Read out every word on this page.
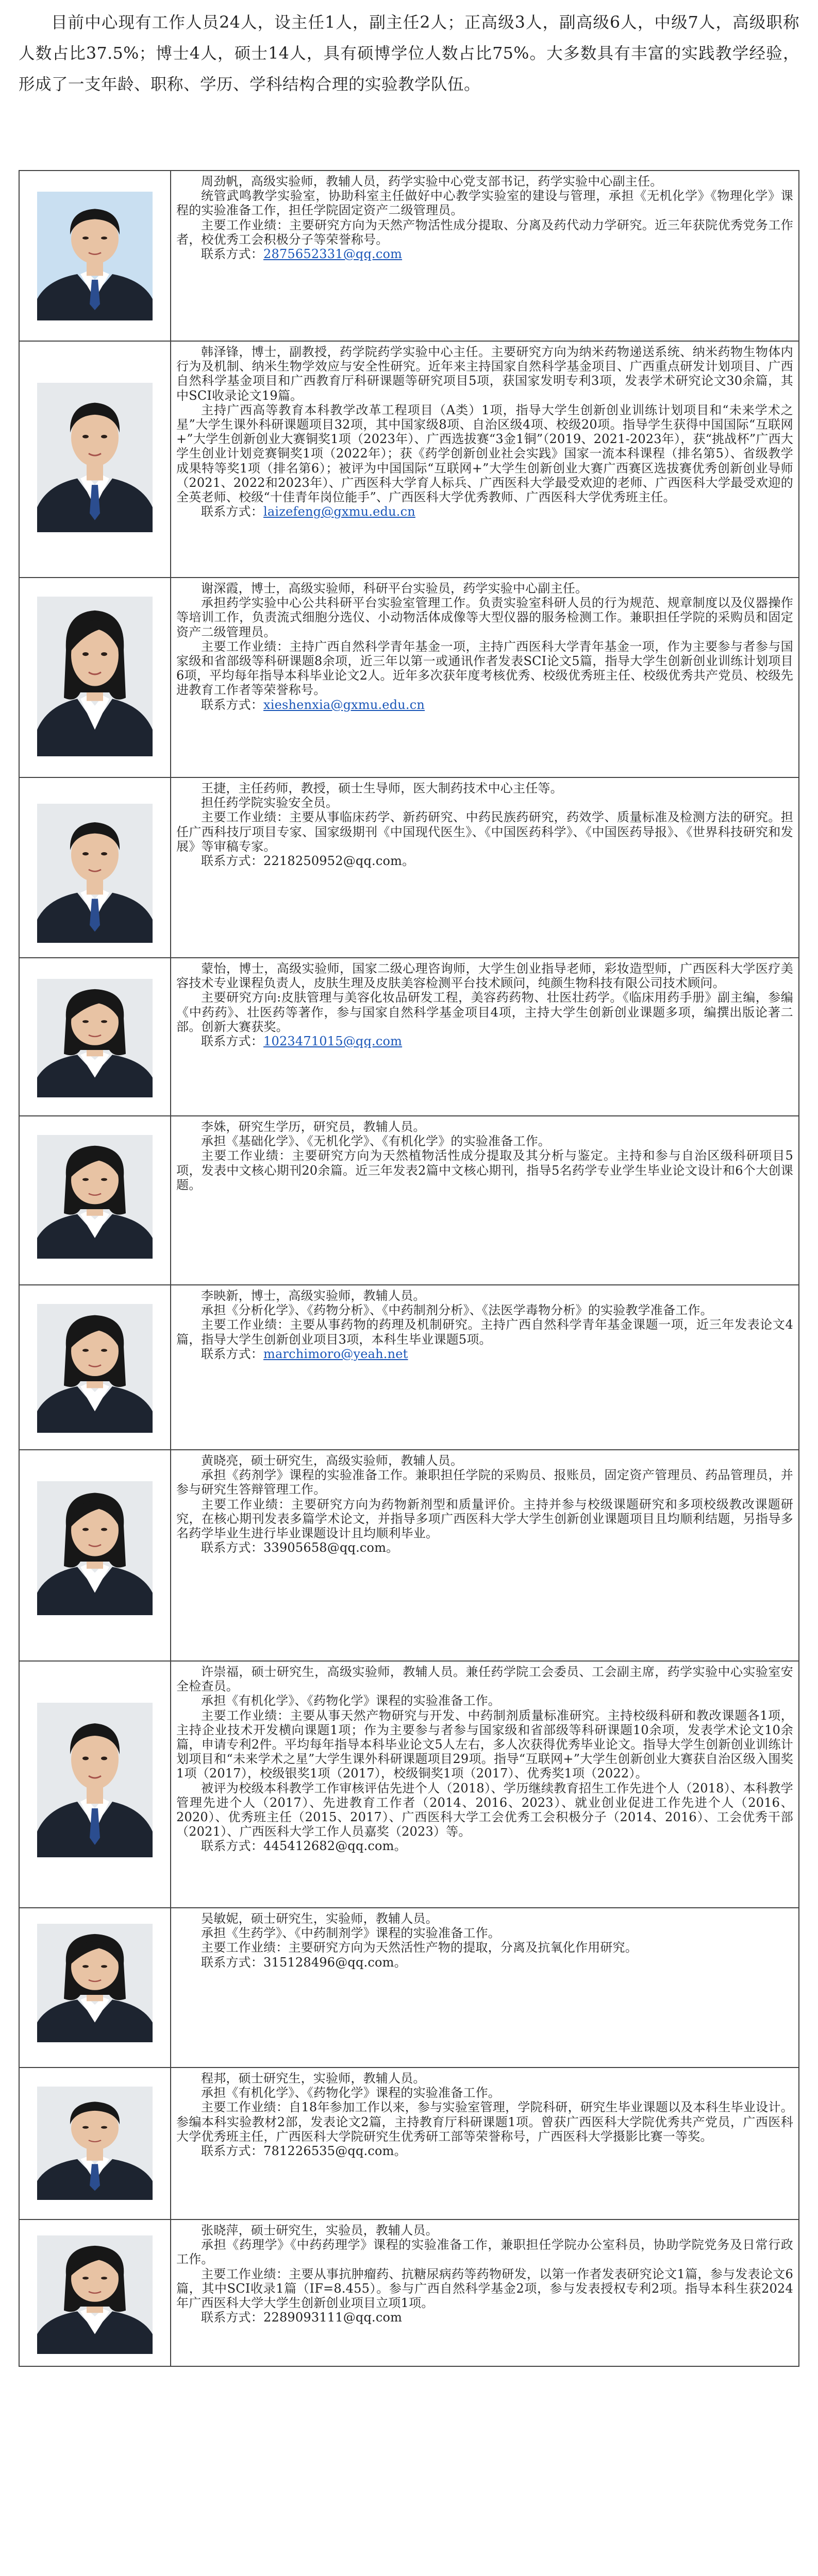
目前中心现有工作人员24人，设主任1人，副主任2人；正高级3人，副高级6人，中级7人，高级职称人数占比37.5%；博士4人，硕士14人，具有硕博学位人数占比75%。大多数具有丰富的实践教学经验，形成了一支年龄、职称、学历、学科结构合理的实验教学队伍。

周劲帆，高级实验师，教辅人员，药学实验中心党支部书记，药学实验中心副主任。

统管武鸣教学实验室，协助科室主任做好中心教学实验室的建设与管理，承担《无机化学》《物理化学》课程的实验准备工作，担任学院固定资产二级管理员。

主要工作业绩：主要研究方向为天然产物活性成分提取、分离及药代动力学研究。近三年获院优秀党务工作者，校优秀工会积极分子等荣誉称号。

联系方式：2875652331@qq.com

韩泽锋，博士，副教授，药学院药学实验中心主任。主要研究方向为纳米药物递送系统、纳米药物生物体内行为及机制、纳米生物学效应与安全性研究。近年来主持国家自然科学基金项目、广西重点研发计划项目、广西自然科学基金项目和广西教育厅科研课题等研究项目5项，获国家发明专利3项，发表学术研究论文30余篇，其中SCI收录论文19篇。

主持广西高等教育本科教学改革工程项目（A类）1项，指导大学生创新创业训练计划项目和“未来学术之星”大学生课外科研课题项目32项，其中国家级8项、自治区级4项、校级20项。指导学生获得中国国际“互联网+”大学生创新创业大赛铜奖1项（2023年）、广西选拔赛“3金1铜”（2019、2021-2023年），获“挑战杯”广西大学生创业计划竞赛铜奖1项（2022年）；获《药学创新创业社会实践》国家一流本科课程（排名第5）、省级教学成果特等奖1项（排名第6）；被评为中国国际“互联网+”大学生创新创业大赛广西赛区选拔赛优秀创新创业导师（2021、2022和2023年）、广西医科大学育人标兵、广西医科大学最受欢迎的老师、广西医科大学最受欢迎的全英老师、校级“十佳青年岗位能手”、广西医科大学优秀教师、广西医科大学优秀班主任。

联系方式：laizefeng@gxmu.edu.cn

谢深霞，博士，高级实验师，科研平台实验员，药学实验中心副主任。

承担药学实验中心公共科研平台实验室管理工作。负责实验室科研人员的行为规范、规章制度以及仪器操作等培训工作，负责流式细胞分选仪、小动物活体成像等大型仪器的服务检测工作。兼职担任学院的采购员和固定资产二级管理员。

主要工作业绩：主持广西自然科学青年基金一项，主持广西医科大学青年基金一项，作为主要参与者参与国家级和省部级等科研课题8余项，近三年以第一或通讯作者发表SCI论文5篇，指导大学生创新创业训练计划项目6项，平均每年指导本科毕业论文2人。近年多次获年度考核优秀、校级优秀班主任、校级优秀共产党员、校级先进教育工作者等荣誉称号。

联系方式：xieshenxia@gxmu.edu.cn

王捷，主任药师，教授，硕士生导师，医大制药技术中心主任等。

担任药学院实验安全员。

主要工作业绩：主要从事临床药学、新药研究、中药民族药研究，药效学、质量标准及检测方法的研究。担任广西科技厅项目专家、国家级期刊《中国现代医生》、《中国医药科学》、《中国医药导报》、《世界科技研究和发展》等审稿专家。

联系方式：2218250952@qq.com。

蒙怡，博士，高级实验师，国家二级心理咨询师，大学生创业指导老师，彩妆造型师，广西医科大学医疗美容技术专业课程负责人，皮肤生理及皮肤美容检测平台技术顾问，纯颜生物科技有限公司技术顾问。

主要研究方向:皮肤管理与美容化妆品研发工程，美容药药物、壮医壮药学。《临床用药手册》副主编，参编《中药药》、壮医药等著作，参与国家自然科学基金项目4项，主持大学生创新创业课题多项，编撰出版论著二部。创新大赛获奖。

联系方式：1023471015@qq.com

李姝，研究生学历，研究员，教辅人员。

承担《基础化学》、《无机化学》、《有机化学》的实验准备工作。

主要工作业绩：主要研究方向为天然植物活性成分提取及其分析与鉴定。主持和参与自治区级科研项目5项，发表中文核心期刊20余篇。近三年发表2篇中文核心期刊，指导5名药学专业学生毕业论文设计和6个大创课题。

李映新，博士，高级实验师，教辅人员。

承担《分析化学》、《药物分析》、《中药制剂分析》、《法医学毒物分析》的实验教学准备工作。

主要工作业绩：主要从事药物的药理及机制研究。主持广西自然科学青年基金课题一项，近三年发表论文4篇，指导大学生创新创业项目3项，本科生毕业课题5项。

联系方式：marchimoro@yeah.net

黄晓亮，硕士研究生，高级实验师，教辅人员。

承担《药剂学》课程的实验准备工作。兼职担任学院的采购员、报账员，固定资产管理员、药品管理员，并参与研究生答辩管理工作。

主要工作业绩：主要研究方向为药物新剂型和质量评价。主持并参与校级课题研究和多项校级教改课题研究，在核心期刊发表多篇学术论文，并指导多项广西医科大学大学生创新创业课题项目且均顺利结题，另指导多名药学毕业生进行毕业课题设计且均顺利毕业。

联系方式：33905658@qq.com。

许崇福，硕士研究生，高级实验师，教辅人员。兼任药学院工会委员、工会副主席，药学实验中心实验室安全检查员。

承担《有机化学》、《药物化学》课程的实验准备工作。

主要工作业绩：主要从事天然产物研究与开发、中药制剂质量标准研究。主持校级科研和教改课题各1项，主持企业技术开发横向课题1项；作为主要参与者参与国家级和省部级等科研课题10余项，发表学术论文10余篇，申请专利2件。平均每年指导本科毕业论文5人左右，多人次获得优秀毕业论文。指导大学生创新创业训练计划项目和“未来学术之星”大学生课外科研课题项目29项。指导“互联网+”大学生创新创业大赛获自治区级入围奖1项（2017），校级银奖1项（2017），校级铜奖1项（2017）、优秀奖1项（2022）。

被评为校级本科教学工作审核评估先进个人（2018）、学历继续教育招生工作先进个人（2018）、本科教学管理先进个人（2017）、先进教育工作者（2014、2016、2023）、就业创业促进工作先进个人（2016、2020）、优秀班主任（2015、2017）、广西医科大学工会优秀工会积极分子（2014、2016）、工会优秀干部（2021）、广西医科大学工作人员嘉奖（2023）等。

联系方式：445412682@qq.com。

吴敏妮，硕士研究生，实验师，教辅人员。

承担《生药学》、《中药制剂学》课程的实验准备工作。

主要工作业绩：主要研究方向为天然活性产物的提取，分离及抗氧化作用研究。

联系方式：315128496@qq.com。

程邦，硕士研究生，实验师，教辅人员。

承担《有机化学》、《药物化学》课程的实验准备工作。

主要工作业绩：自18年参加工作以来，参与实验室管理，学院科研，研究生毕业课题以及本科生毕业设计。参编本科实验教材2部，发表论文2篇，主持教育厅科研课题1项。曾获广西医科大学院优秀共产党员，广西医科大学优秀班主任，广西医科大学院研究生优秀研工部等荣誉称号，广西医科大学摄影比赛一等奖。

联系方式：781226535@qq.com。

张晓萍，硕士研究生，实验员，教辅人员。

承担《药理学》《中药药理学》课程的实验准备工作，兼职担任学院办公室科员，协助学院党务及日常行政工作。

主要工作业绩：主要从事抗肿瘤药、抗糖尿病药等药物研发，以第一作者发表研究论文1篇，参与发表论文6篇，其中SCI收录1篇（IF=8.455）。参与广西自然科学基金2项，参与发表授权专利2项。指导本科生获2024年广西医科大学大学生创新创业项目立项1项。

联系方式：2289093111@qq.com
